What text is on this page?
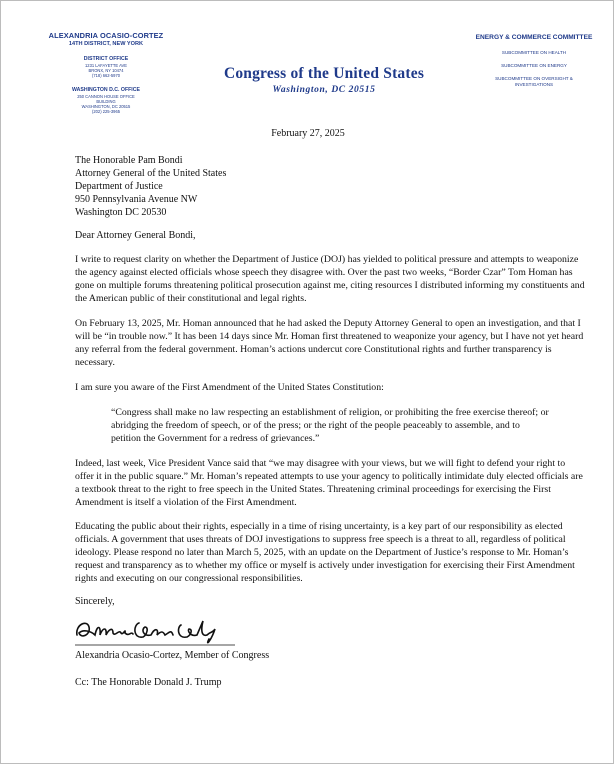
ALEXANDRIA OCASIO-CORTEZ
14TH DISTRICT, NEW YORK
DISTRICT OFFICE
1231 LAFAYETTE AVE
BRONX, NY 10474
(718) 662-5970
WASHINGTON D.C. OFFICE
250 CANNON HOUSE OFFICE
BUILDING
WASHINGTON, DC 20515
(202) 225-3965
Congress of the United States
Washington, DC 20515
ENERGY & COMMERCE COMMITTEE
SUBCOMMITTEE ON HEALTH
SUBCOMMITTEE ON ENERGY
SUBCOMMITTEE ON OVERSIGHT &
INVESTIGATIONS
February 27, 2025
The Honorable Pam Bondi
Attorney General of the United States
Department of Justice
950 Pennsylvania Avenue NW
Washington DC 20530
Dear Attorney General Bondi,
I write to request clarity on whether the Department of Justice (DOJ) has yielded to political pressure and attempts to weaponize the agency against elected officials whose speech they disagree with. Over the past two weeks, “Border Czar” Tom Homan has gone on multiple forums threatening political prosecution against me, citing resources I distributed informing my constituents and the American public of their constitutional and legal rights.
On February 13, 2025, Mr. Homan announced that he had asked the Deputy Attorney General to open an investigation, and that I will be “in trouble now.” It has been 14 days since Mr. Homan first threatened to weaponize your agency, but I have not yet heard any referral from the federal government. Homan’s actions undercut core Constitutional rights and further transparency is necessary.
I am sure you aware of the First Amendment of the United States Constitution:
“Congress shall make no law respecting an establishment of religion, or prohibiting the free exercise thereof; or abridging the freedom of speech, or of the press; or the right of the people peaceably to assemble, and to petition the Government for a redress of grievances.”
Indeed, last week, Vice President Vance said that “we may disagree with your views, but we will fight to defend your right to offer it in the public square.” Mr. Homan’s repeated attempts to use your agency to politically intimidate duly elected officials are a textbook threat to the right to free speech in the United States. Threatening criminal proceedings for exercising the First Amendment is itself a violation of the First Amendment.
Educating the public about their rights, especially in a time of rising uncertainty, is a key part of our responsibility as elected officials. A government that uses threats of DOJ investigations to suppress free speech is a threat to all, regardless of political ideology. Please respond no later than March 5, 2025, with an update on the Department of Justice’s response to Mr. Homan’s request and transparency as to whether my office or myself is actively under investigation for exercising their First Amendment rights and executing on our congressional responsibilities.
Sincerely,
Alexandria Ocasio-Cortez, Member of Congress
Cc: The Honorable Donald J. Trump
